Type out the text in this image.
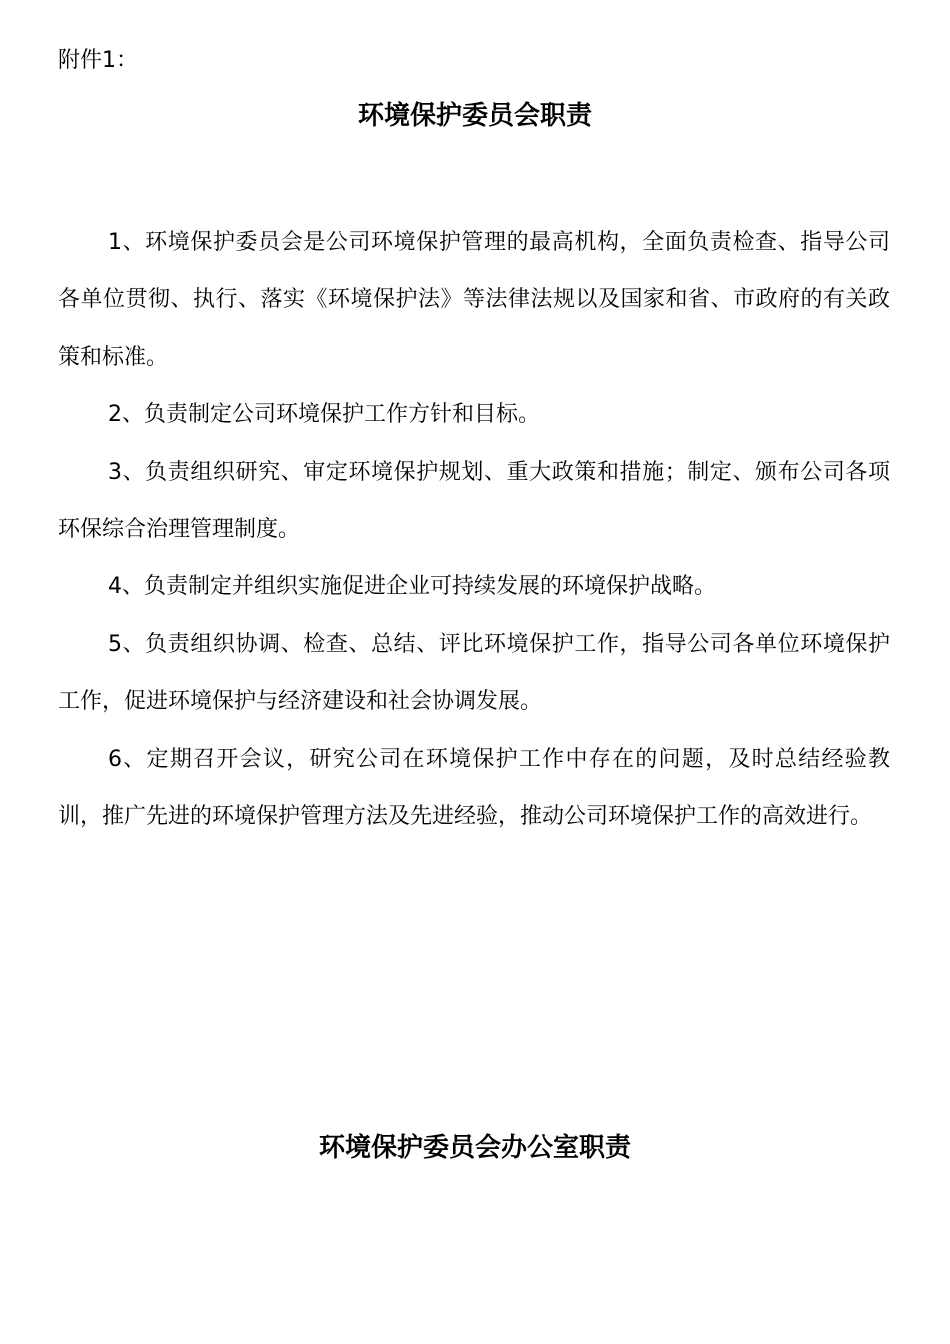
附件1：
环境保护委员会职责

1、环境保护委员会是公司环境保护管理的最高机构，全面负责检查、指导公司各单位贯彻、执行、落实《环境保护法》等法律法规以及国家和省、市政府的有关政策和标准。

2、负责制定公司环境保护工作方针和目标。

3、负责组织研究、审定环境保护规划、重大政策和措施；制定、颁布公司各项环保综合治理管理制度。

4、负责制定并组织实施促进企业可持续发展的环境保护战略。

5、负责组织协调、检查、总结、评比环境保护工作，指导公司各单位环境保护工作，促进环境保护与经济建设和社会协调发展。

6、定期召开会议，研究公司在环境保护工作中存在的问题，及时总结经验教训，推广先进的环境保护管理方法及先进经验，推动公司环境保护工作的高效进行。

环境保护委员会办公室职责
